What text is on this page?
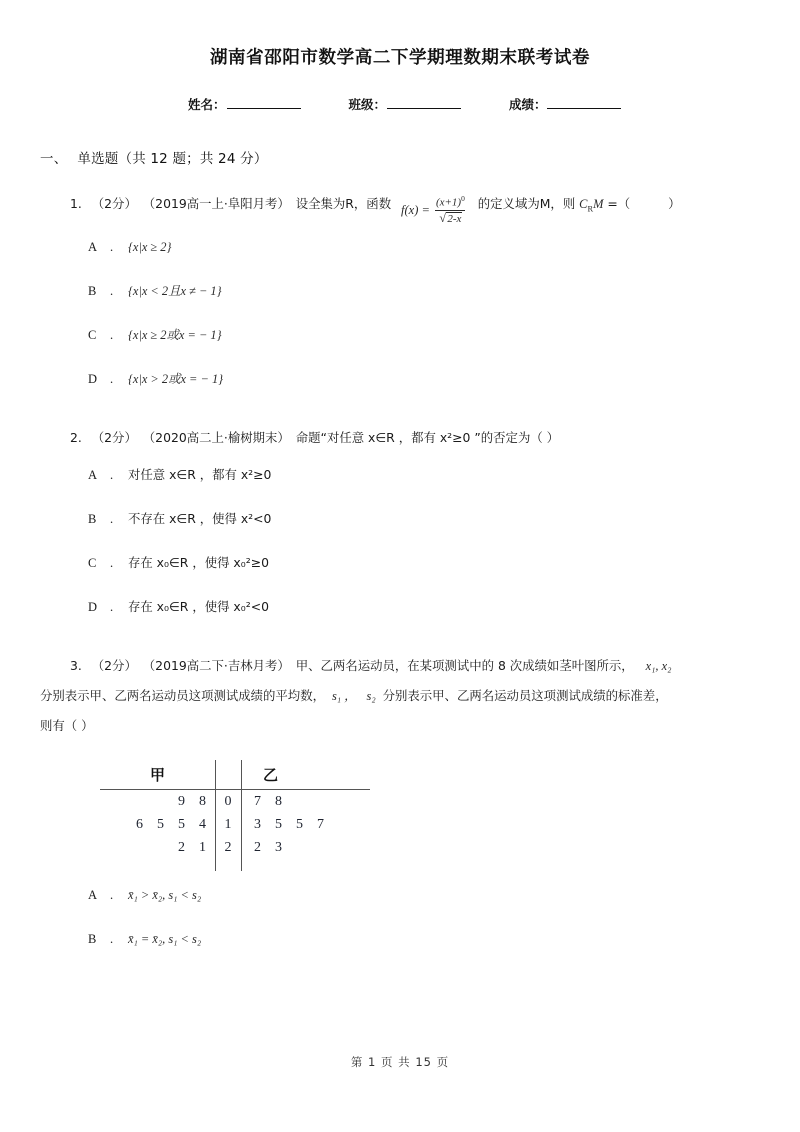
湖南省邵阳市数学高二下学期理数期末联考试卷
姓名：	班级：	成绩：
一、 单选题（共 12 题；共 24 分）
1. （2分） （2019高一上·阜阳月考） 设全集为R，函数 $f(x) = (x+1)^0$
√ 2-x 的定义域为M，则 $C_RM$ =（	）
A . {x|x ≥ 2}
B . {x|x < 2且x ≠ − 1}
C . {x|x ≥ 2或x = − 1}
D . {x|x > 2或x = − 1}
2. （2分） （2020高二上·榆树期末） 命题“对任意 x∈R ，都有 x²≥0 ”的否定为（ ）
A . 对任意 x∈R ，都有 x²≥0
B . 不存在 x∈R ，使得 x²<0
C . 存在 x₀∈R ，使得 x₀²≥0
D . 存在 x₀∈R ，使得 x₀²<0
3. （2分） （2019高二下·吉林月考） 甲、乙两名运动员，在某项测试中的 8 次成绩如茎叶图所示， x₁, x₂
分别表示甲、乙两名运动员这项测试成绩的平均数， s₁ ， s₂ 分别表示甲、乙两名运动员这项测试成绩的标准差，
则有（ ）
甲	乙
9 8	0	7 8
6 5 5 4	1	3 5 5 7
2 1	2	2 3
A . x̄₁ > x̄₂, s₁ < s₂
B . x̄₁ = x̄₂, s₁ < s₂
第 1 页 共 15 页
